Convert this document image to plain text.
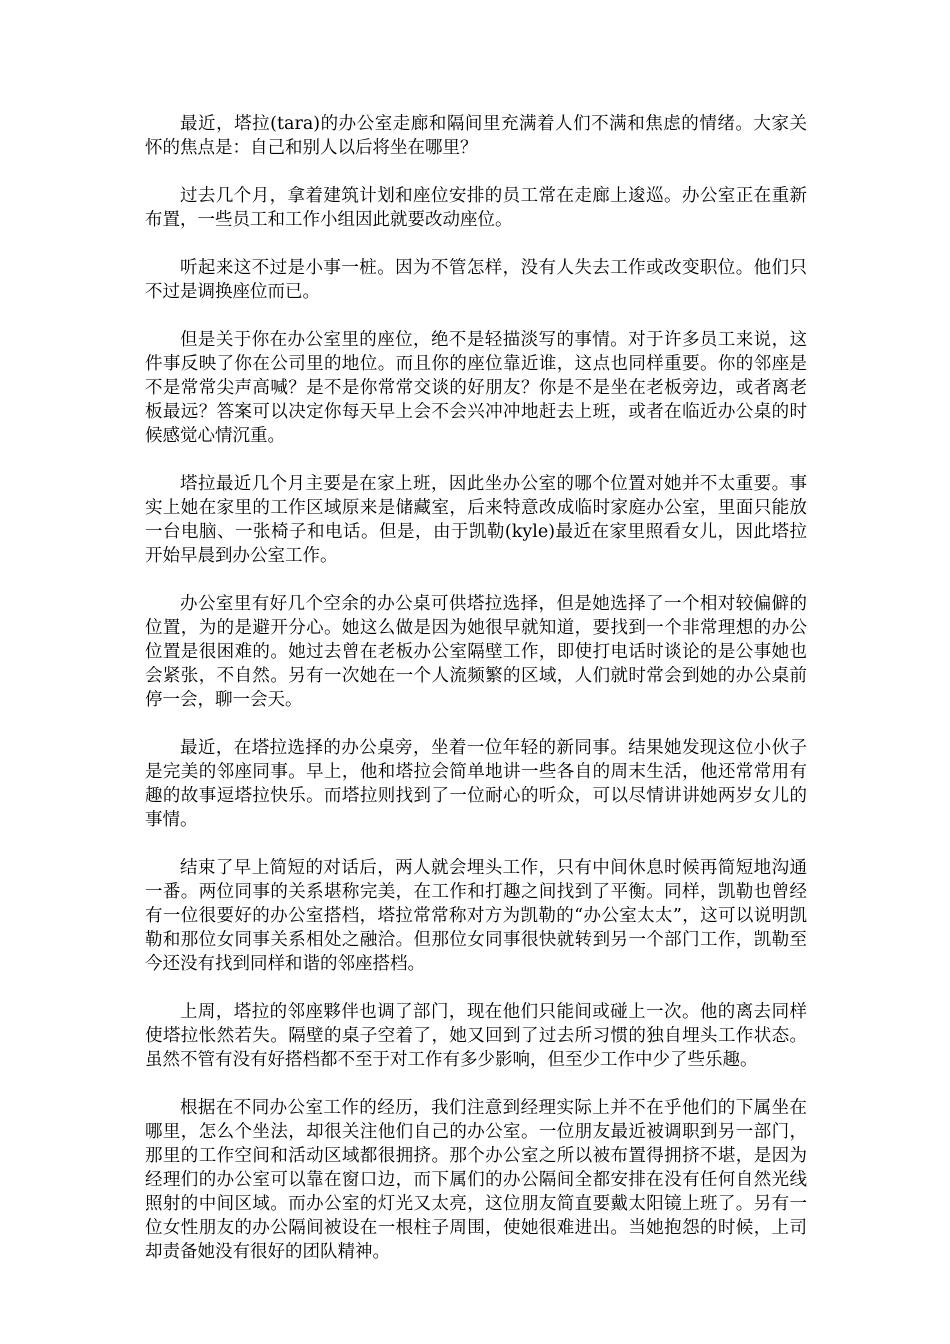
最近，塔拉(tara)的办公室走廊和隔间里充满着人们不满和焦虑的情绪。大家关怀的焦点是：自己和别人以后将坐在哪里？

过去几个月，拿着建筑计划和座位安排的员工常在走廊上逡巡。办公室正在重新布置，一些员工和工作小组因此就要改动座位。

听起来这不过是小事一桩。因为不管怎样，没有人失去工作或改变职位。他们只不过是调换座位而已。

但是关于你在办公室里的座位，绝不是轻描淡写的事情。对于许多员工来说，这件事反映了你在公司里的地位。而且你的座位靠近谁，这点也同样重要。你的邻座是不是常常尖声高喊？是不是你常常交谈的好朋友？你是不是坐在老板旁边，或者离老板最远？答案可以决定你每天早上会不会兴冲冲地赶去上班，或者在临近办公桌的时候感觉心情沉重。

塔拉最近几个月主要是在家上班，因此坐办公室的哪个位置对她并不太重要。事实上她在家里的工作区域原来是储藏室，后来特意改成临时家庭办公室，里面只能放一台电脑、一张椅子和电话。但是，由于凯勒(kyle)最近在家里照看女儿，因此塔拉开始早晨到办公室工作。

办公室里有好几个空余的办公桌可供塔拉选择，但是她选择了一个相对较偏僻的位置，为的是避开分心。她这么做是因为她很早就知道，要找到一个非常理想的办公位置是很困难的。她过去曾在老板办公室隔壁工作，即使打电话时谈论的是公事她也会紧张，不自然。另有一次她在一个人流频繁的区域，人们就时常会到她的办公桌前停一会，聊一会天。

最近，在塔拉选择的办公桌旁，坐着一位年轻的新同事。结果她发现这位小伙子是完美的邻座同事。早上，他和塔拉会简单地讲一些各自的周末生活，他还常常用有趣的故事逗塔拉快乐。而塔拉则找到了一位耐心的听众，可以尽情讲讲她两岁女儿的事情。

结束了早上简短的对话后，两人就会埋头工作，只有中间休息时候再简短地沟通一番。两位同事的关系堪称完美，在工作和打趣之间找到了平衡。同样，凯勒也曾经有一位很要好的办公室搭档，塔拉常常称对方为凯勒的“办公室太太”，这可以说明凯勒和那位女同事关系相处之融洽。但那位女同事很快就转到另一个部门工作，凯勒至今还没有找到同样和谐的邻座搭档。

上周，塔拉的邻座夥伴也调了部门，现在他们只能间或碰上一次。他的离去同样使塔拉怅然若失。隔壁的桌子空着了，她又回到了过去所习惯的独自埋头工作状态。虽然不管有没有好搭档都不至于对工作有多少影响，但至少工作中少了些乐趣。

根据在不同办公室工作的经历，我们注意到经理实际上并不在乎他们的下属坐在哪里，怎么个坐法，却很关注他们自己的办公室。一位朋友最近被调职到另一部门，那里的工作空间和活动区域都很拥挤。那个办公室之所以被布置得拥挤不堪，是因为经理们的办公室可以靠在窗口边，而下属们的办公隔间全都安排在没有任何自然光线照射的中间区域。而办公室的灯光又太亮，这位朋友简直要戴太阳镜上班了。另有一位女性朋友的办公隔间被设在一根柱子周围，使她很难进出。当她抱怨的时候，上司却责备她没有很好的团队精神。
